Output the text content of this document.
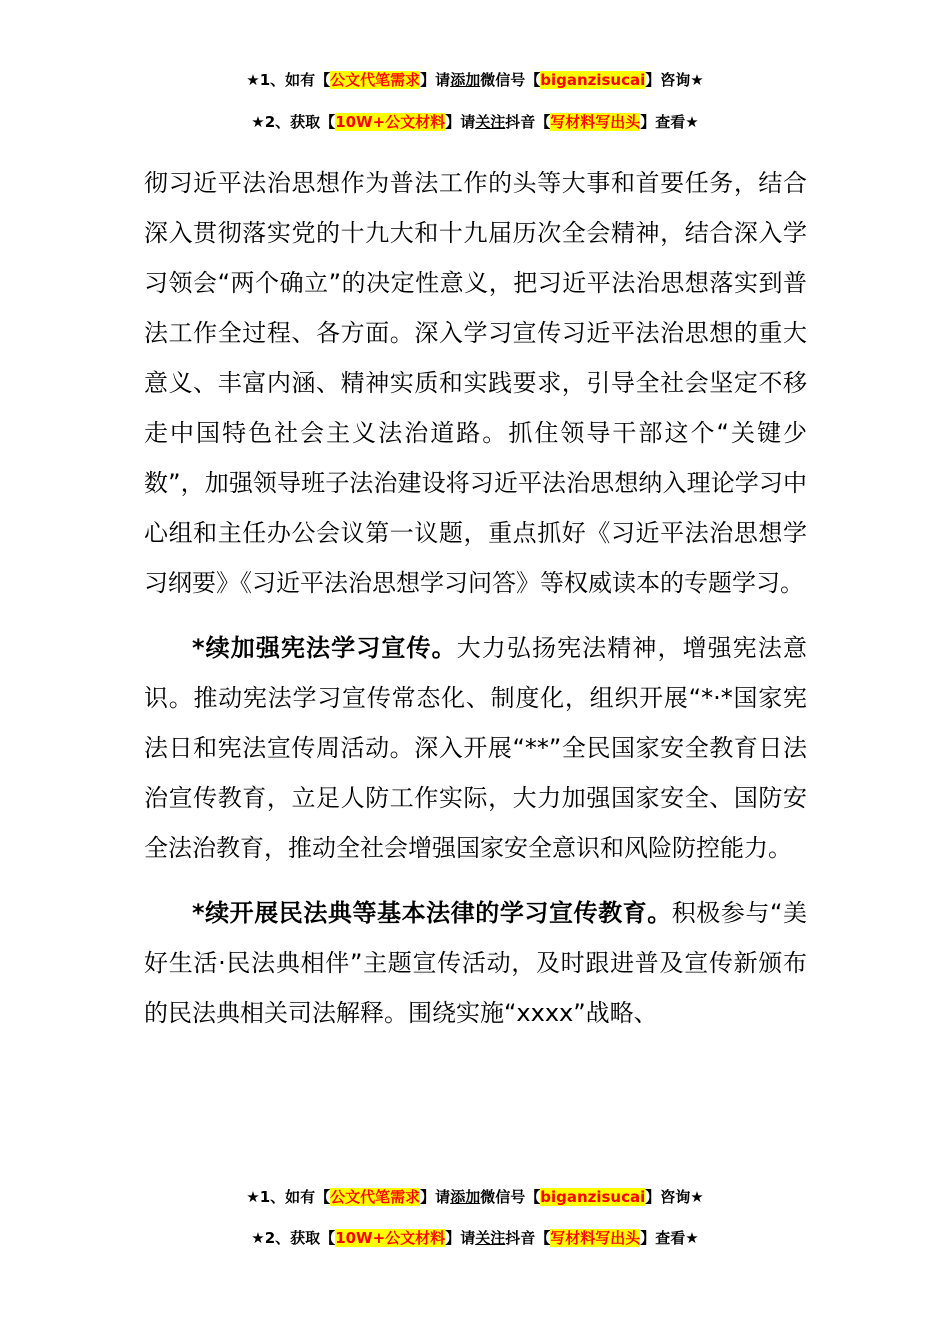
★1、如有【公文代笔需求】请添加微信号【biganzisucai】咨询★
★2、获取【10W+公文材料】请关注抖音【写材料写出头】查看★

彻习近平法治思想作为普法工作的头等大事和首要任务，结合深入贯彻落实党的十九大和十九届历次全会精神，结合深入学习领会“两个确立”的决定性意义，把习近平法治思想落实到普法工作全过程、各方面。深入学习宣传习近平法治思想的重大意义、丰富内涵、精神实质和实践要求，引导全社会坚定不移走中国特色社会主义法治道路。抓住领导干部这个“关键少数”，加强领导班子法治建设将习近平法治思想纳入理论学习中心组和主任办公会议第一议题，重点抓好《习近平法治思想学习纲要》《习近平法治思想学习问答》等权威读本的专题学习。

*续加强宪法学习宣传。大力弘扬宪法精神，增强宪法意识。推动宪法学习宣传常态化、制度化，组织开展“*·*国家宪法日和宪法宣传周活动。深入开展“**”全民国家安全教育日法治宣传教育，立足人防工作实际，大力加强国家安全、国防安全法治教育，推动全社会增强国家安全意识和风险防控能力。

*续开展民法典等基本法律的学习宣传教育。积极参与“美好生活·民法典相伴”主题宣传活动，及时跟进普及宣传新颁布的民法典相关司法解释。围绕实施“xxxx”战略、

★1、如有【公文代笔需求】请添加微信号【biganzisucai】咨询★
★2、获取【10W+公文材料】请关注抖音【写材料写出头】查看★
